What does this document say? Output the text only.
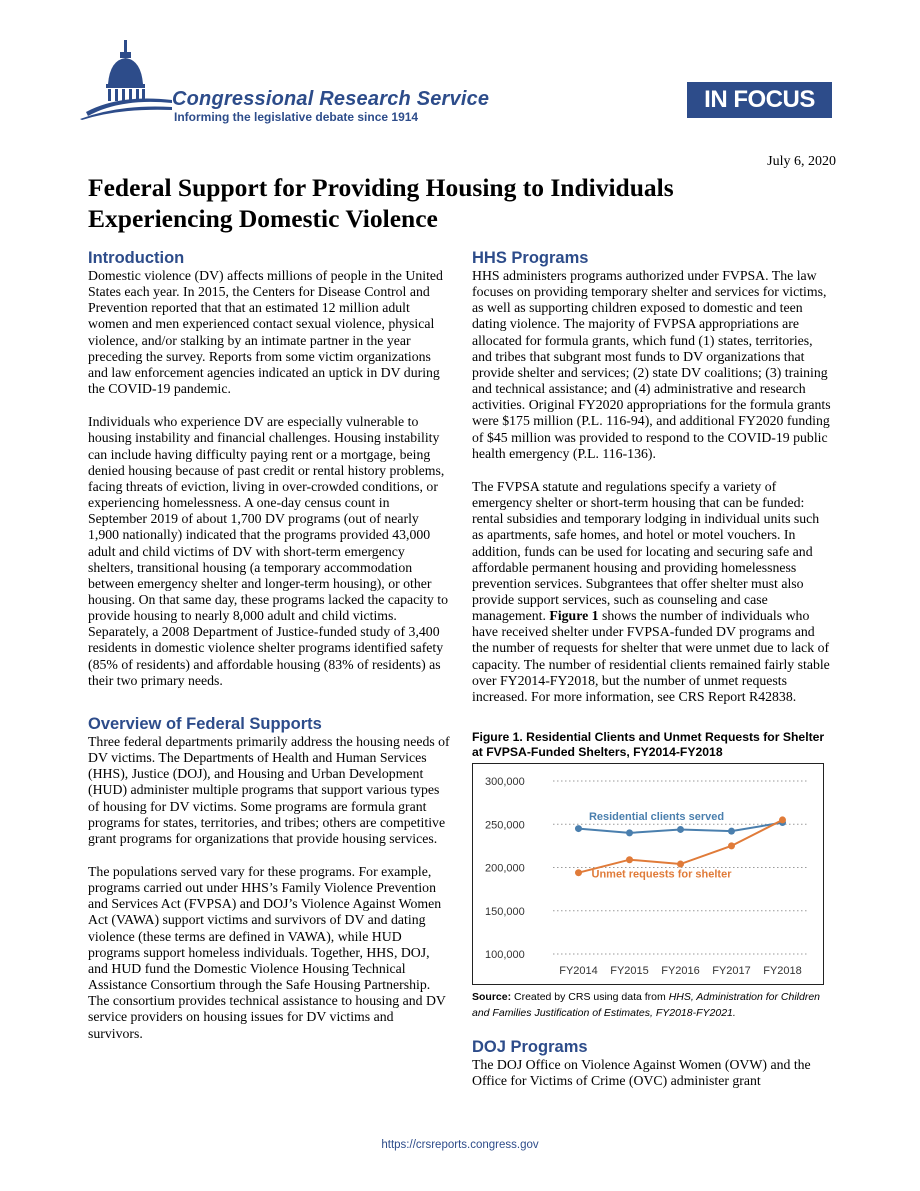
Congressional Research Service
Informing the legislative debate since 1914
IN FOCUS
July 6, 2020
Federal Support for Providing Housing to Individuals Experiencing Domestic Violence
Introduction

Domestic violence (DV) affects millions of people in the United States each year. In 2015, the Centers for Disease Control and Prevention reported that that an estimated 12 million adult women and men experienced contact sexual violence, physical violence, and/or stalking by an intimate partner in the year preceding the survey. Reports from some victim organizations and law enforcement agencies indicated an uptick in DV during the COVID-19 pandemic.

Individuals who experience DV are especially vulnerable to housing instability and financial challenges. Housing instability can include having difficulty paying rent or a mortgage, being denied housing because of past credit or rental history problems, facing threats of eviction, living in over-crowded conditions, or experiencing homelessness. A one-day census count in September 2019 of about 1,700 DV programs (out of nearly 1,900 nationally) indicated that the programs provided 43,000 adult and child victims of DV with short-term emergency shelters, transitional housing (a temporary accommodation between emergency shelter and longer-term housing), or other housing. On that same day, these programs lacked the capacity to provide housing to nearly 8,000 adult and child victims. Separately, a 2008 Department of Justice-funded study of 3,400 residents in domestic violence shelter programs identified safety (85% of residents) and affordable housing (83% of residents) as their two primary needs.

Overview of Federal Supports

Three federal departments primarily address the housing needs of DV victims. The Departments of Health and Human Services (HHS), Justice (DOJ), and Housing and Urban Development (HUD) administer multiple programs that support various types of housing for DV victims. Some programs are formula grant programs for states, territories, and tribes; others are competitive grant programs for organizations that provide housing services.

The populations served vary for these programs. For example, programs carried out under HHS’s Family Violence Prevention and Services Act (FVPSA) and DOJ’s Violence Against Women Act (VAWA) support victims and survivors of DV and dating violence (these terms are defined in VAWA), while HUD programs support homeless individuals. Together, HHS, DOJ, and HUD fund the Domestic Violence Housing Technical Assistance Consortium through the Safe Housing Partnership. The consortium provides technical assistance to housing and DV service providers on housing issues for DV victims and survivors.

HHS Programs

HHS administers programs authorized under FVPSA. The law focuses on providing temporary shelter and services for victims, as well as supporting children exposed to domestic and teen dating violence. The majority of FVPSA appropriations are allocated for formula grants, which fund (1) states, territories, and tribes that subgrant most funds to DV organizations that provide shelter and services; (2) state DV coalitions; (3) training and technical assistance; and (4) administrative and research activities. Original FY2020 appropriations for the formula grants were $175 million (P.L. 116-94), and additional FY2020 funding of $45 million was provided to respond to the COVID-19 public health emergency (P.L. 116-136).

The FVPSA statute and regulations specify a variety of emergency shelter or short-term housing that can be funded: rental subsidies and temporary lodging in individual units such as apartments, safe homes, and hotel or motel vouchers. In addition, funds can be used for locating and securing safe and affordable permanent housing and providing homelessness prevention services. Subgrantees that offer shelter must also provide support services, such as counseling and case management. Figure 1 shows the number of individuals who have received shelter under FVPSA-funded DV programs and the number of requests for shelter that were unmet due to lack of capacity. The number of residential clients remained fairly stable over FY2014-FY2018, but the number of unmet requests increased. For more information, see CRS Report R42838.

Figure 1. Residential Clients and Unmet Requests for Shelter at FVPSA-Funded Shelters, FY2014-FY2018
100,000
150,000
200,000
250,000
300,000
FY2014 FY2015 FY2016 FY2017 FY2018
Residential clients served
Unmet requests for shelter
Source: Created by CRS using data from HHS, Administration for Children and Families Justification of Estimates, FY2018-FY2021.
DOJ Programs

The DOJ Office on Violence Against Women (OVW) and the Office for Victims of Crime (OVC) administer grant

https://crsreports.congress.gov
